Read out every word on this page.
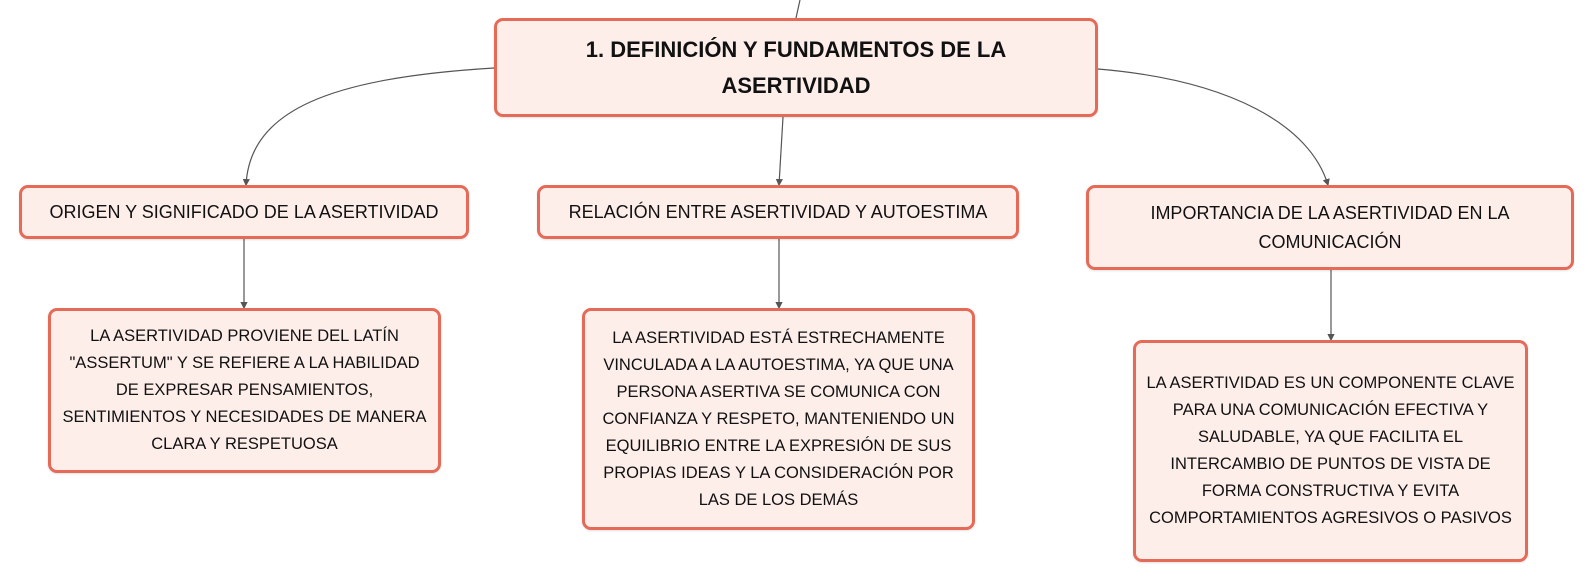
1. DEFINICIÓN Y FUNDAMENTOS DE LA ASERTIVIDAD
ORIGEN Y SIGNIFICADO DE LA ASERTIVIDAD	RELACIÓN ENTRE ASERTIVIDAD Y AUTOESTIMA	IMPORTANCIA DE LA ASERTIVIDAD EN LA COMUNICACIÓN
LA ASERTIVIDAD PROVIENE DEL LATÍN "ASSERTUM" Y SE REFIERE A LA HABILIDAD DE EXPRESAR PENSAMIENTOS, SENTIMIENTOS Y NECESIDADES DE MANERA CLARA Y RESPETUOSA
LA ASERTIVIDAD ESTÁ ESTRECHAMENTE VINCULADA A LA AUTOESTIMA, YA QUE UNA PERSONA ASERTIVA SE COMUNICA CON CONFIANZA Y RESPETO, MANTENIENDO UN EQUILIBRIO ENTRE LA EXPRESIÓN DE SUS PROPIAS IDEAS Y LA CONSIDERACIÓN POR LAS DE LOS DEMÁS
LA ASERTIVIDAD ES UN COMPONENTE CLAVE PARA UNA COMUNICACIÓN EFECTIVA Y SALUDABLE, YA QUE FACILITA EL INTERCAMBIO DE PUNTOS DE VISTA DE FORMA CONSTRUCTIVA Y EVITA COMPORTAMIENTOS AGRESIVOS O PASIVOS
